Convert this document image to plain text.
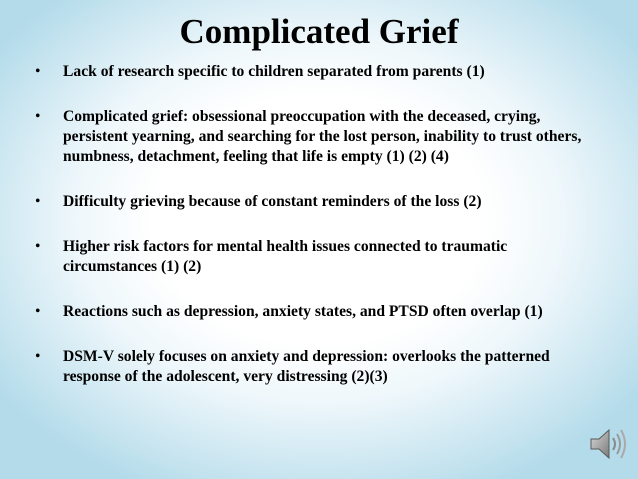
Complicated Grief
• Lack of research specific to children separated from parents (1)
• Complicated grief: obsessional preoccupation with the deceased, crying, persistent yearning, and searching for the lost person, inability to trust others, numbness, detachment, feeling that life is empty (1) (2) (4)
• Difficulty grieving because of constant reminders of the loss (2)
• Higher risk factors for mental health issues connected to traumatic circumstances (1) (2)
• Reactions such as depression, anxiety states, and PTSD often overlap (1)
• DSM-V solely focuses on anxiety and depression: overlooks the patterned response of the adolescent, very distressing (2)(3)
